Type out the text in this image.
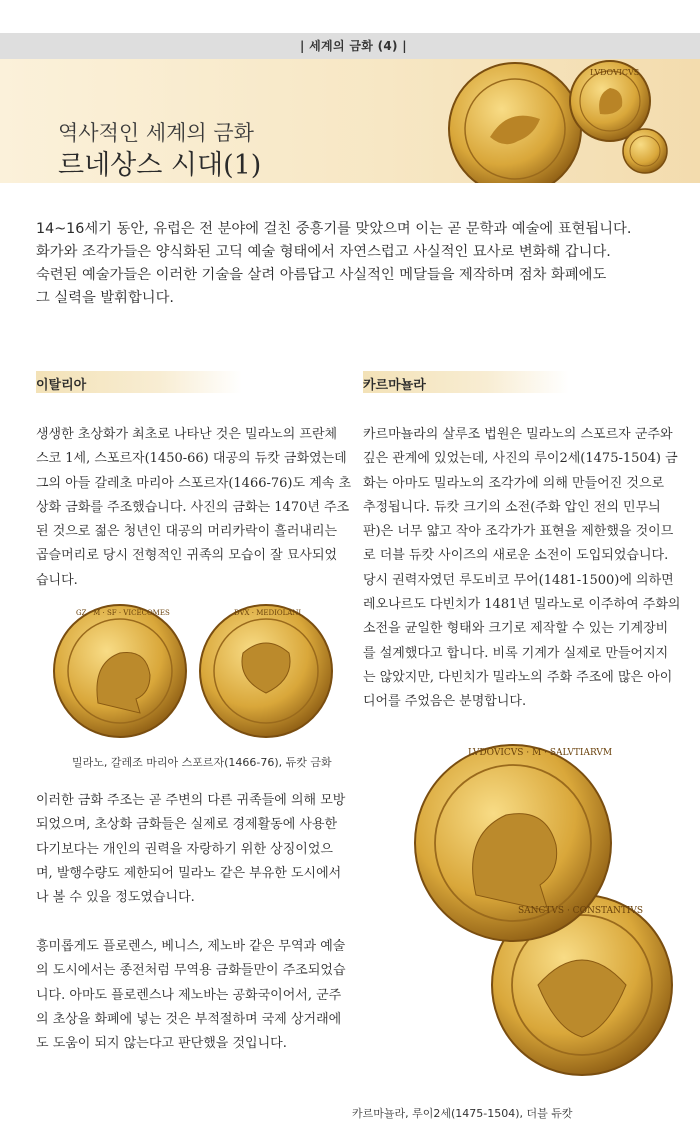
| 세계의 금화 (4) |
역사적인 세계의 금화
르네상스 시대(1)
LVDOVICVS

14~16세기 동안, 유럽은 전 분야에 걸친 중흥기를 맞았으며 이는 곧 문학과 예술에 표현됩니다.

화가와 조각가들은 양식화된 고딕 예술 형태에서 자연스럽고 사실적인 묘사로 변화해 갑니다.

숙련된 예술가들은 이러한 기술을 살려 아름답고 사실적인 메달들을 제작하며 점차 화폐에도

그 실력을 발휘합니다.

이탈리아	카르마뇰라

생생한 초상화가 최초로 나타난 것은 밀라노의 프란체

스코 1세, 스포르자(1450-66) 대공의 듀캇 금화였는데

그의 아들 갈레초 마리아 스포르자(1466-76)도 계속 초

상화 금화를 주조했습니다. 사진의 금화는 1470년 주조

된 것으로 젊은 청년인 대공의 머리카락이 흘러내리는

곱슬머리로 당시 전형적인 귀족의 모습이 잘 묘사되었

습니다.

GZ · M · SF · VICECOMES	DVX · MEDIOLANI
밀라노, 갈레조 마리아 스포르자(1466-76), 듀캇 금화

이러한 금화 주조는 곧 주변의 다른 귀족들에 의해 모방

되었으며, 초상화 금화들은 실제로 경제활동에 사용한

다기보다는 개인의 권력을 자랑하기 위한 상징이었으

며, 발행수량도 제한되어 밀라노 같은 부유한 도시에서

나 볼 수 있을 정도였습니다.

흥미롭게도 플로렌스, 베니스, 제노바 같은 무역과 예술

의 도시에서는 종전처럼 무역용 금화들만이 주조되었습

니다. 아마도 플로렌스나 제노바는 공화국이어서, 군주

의 초상을 화폐에 넣는 것은 부적절하며 국제 상거래에

도 도움이 되지 않는다고 판단했을 것입니다.

카르마뇰라의 살루조 법원은 밀라노의 스포르자 군주와

깊은 관계에 있었는데, 사진의 루이2세(1475-1504) 금

화는 아마도 밀라노의 조각가에 의해 만들어진 것으로

추정됩니다. 듀캇 크기의 소전(주화 압인 전의 민무늬

판)은 너무 얇고 작아 조각가가 표현을 제한했을 것이므

로 더블 듀캇 사이즈의 새로운 소전이 도입되었습니다.

당시 권력자였던 루도비코 무어(1481-1500)에 의하면

레오나르도 다빈치가 1481년 밀라노로 이주하여 주화의

소전을 균일한 형태와 크기로 제작할 수 있는 기계장비

를 설계했다고 합니다. 비록 기계가 실제로 만들어지지

는 않았지만, 다빈치가 밀라노의 주화 주조에 많은 아이

디어를 주었음은 분명합니다.

LVDOVICVS · M · SALVTIARVM
SANCTVS · CONSTANTIVS
카르마뇰라, 루이2세(1475-1504), 더블 듀캇
